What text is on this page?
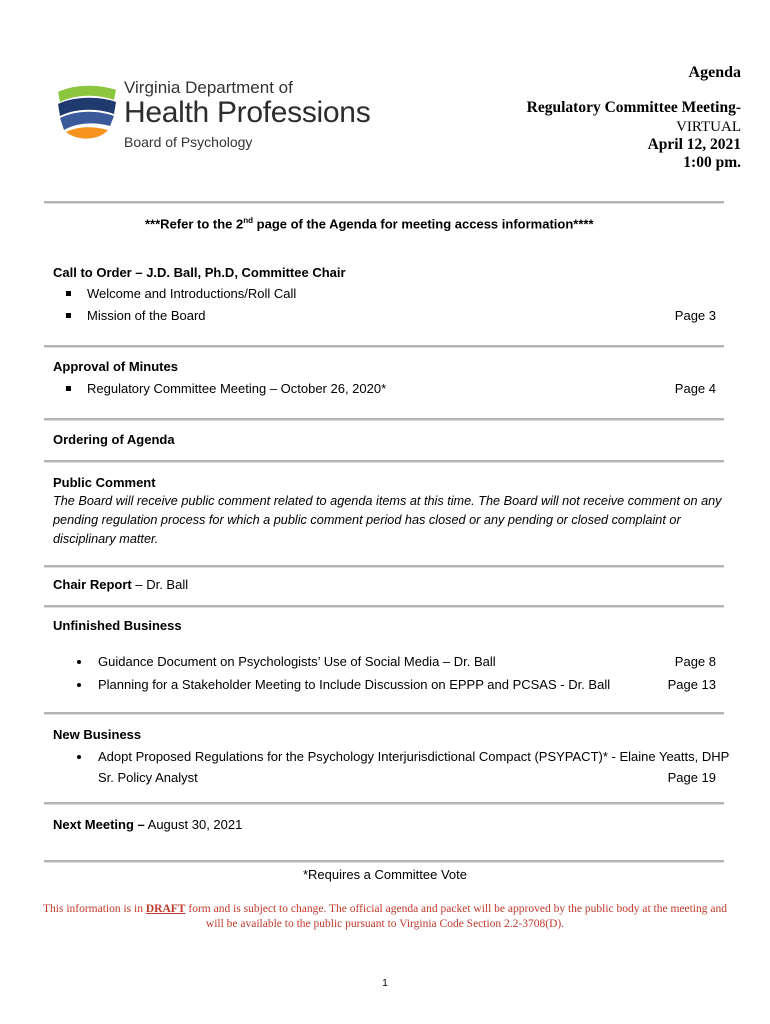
Virginia Department of
Health Professions
Board of Psychology
Agenda
Regulatory Committee Meeting-
VIRTUAL
April 12, 2021
1:00 pm.
***Refer to the 2nd page of the Agenda for meeting access information****
Call to Order – J.D. Ball, Ph.D, Committee Chair
Welcome and Introductions/Roll Call
Mission of the Board	Page 3
Approval of Minutes
Regulatory Committee Meeting – October 26, 2020*	Page 4
Ordering of Agenda
Public Comment
The Board will receive public comment related to agenda items at this time. The Board will not receive comment on any pending regulation process for which a public comment period has closed or any pending or closed complaint or disciplinary matter.
Chair Report – Dr. Ball
Unfinished Business
Guidance Document on Psychologists’ Use of Social Media – Dr. Ball	Page 8
Planning for a Stakeholder Meeting to Include Discussion on EPPP and PCSAS - Dr. Ball	Page 13
New Business
Adopt Proposed Regulations for the Psychology Interjurisdictional Compact (PSYPACT)* - Elaine Yeatts, DHP
Sr. Policy Analyst	Page 19
Next Meeting – August 30, 2021
*Requires a Committee Vote
This information is in DRAFT form and is subject to change. The official agenda and packet will be approved by the public body at the meeting and will be available to the public pursuant to Virginia Code Section 2.2-3708(D).
1
